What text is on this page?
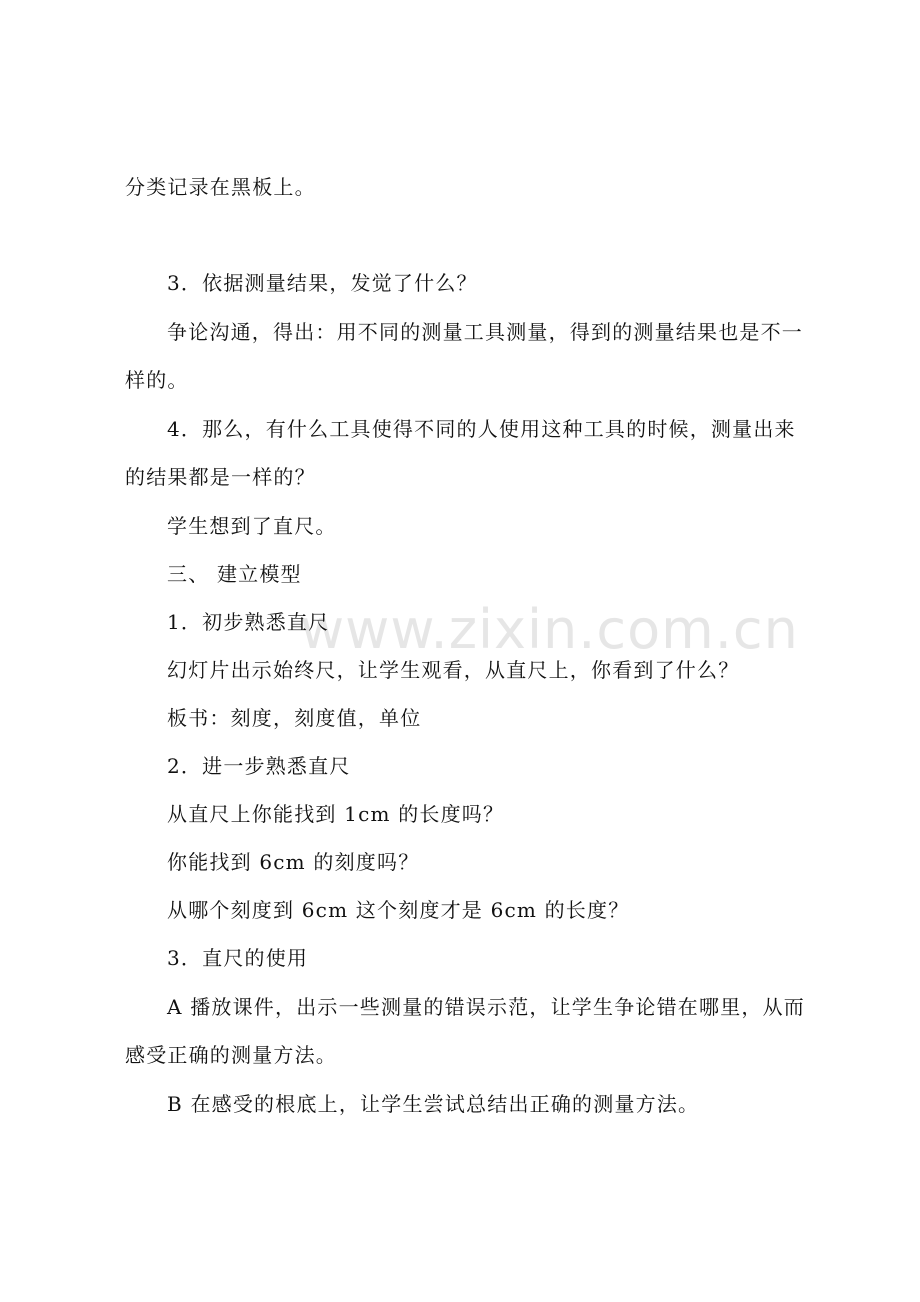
www.zixin.com.cn
分类记录在黑板上。
3．依据测量结果，发觉了什么？
争论沟通，得出：用不同的测量工具测量，得到的测量结果也是不一
样的。
4．那么，有什么工具使得不同的人使用这种工具的时候，测量出来
的结果都是一样的？
学生想到了直尺。
三、 建立模型
1．初步熟悉直尺
幻灯片出示始终尺，让学生观看，从直尺上，你看到了什么？
板书：刻度，刻度值，单位
2．进一步熟悉直尺
从直尺上你能找到 1cm 的长度吗？
你能找到 6cm 的刻度吗？
从哪个刻度到 6cm 这个刻度才是 6cm 的长度？
3．直尺的使用
A 播放课件，出示一些测量的错误示范，让学生争论错在哪里，从而
感受正确的测量方法。
B 在感受的根底上，让学生尝试总结出正确的测量方法。
